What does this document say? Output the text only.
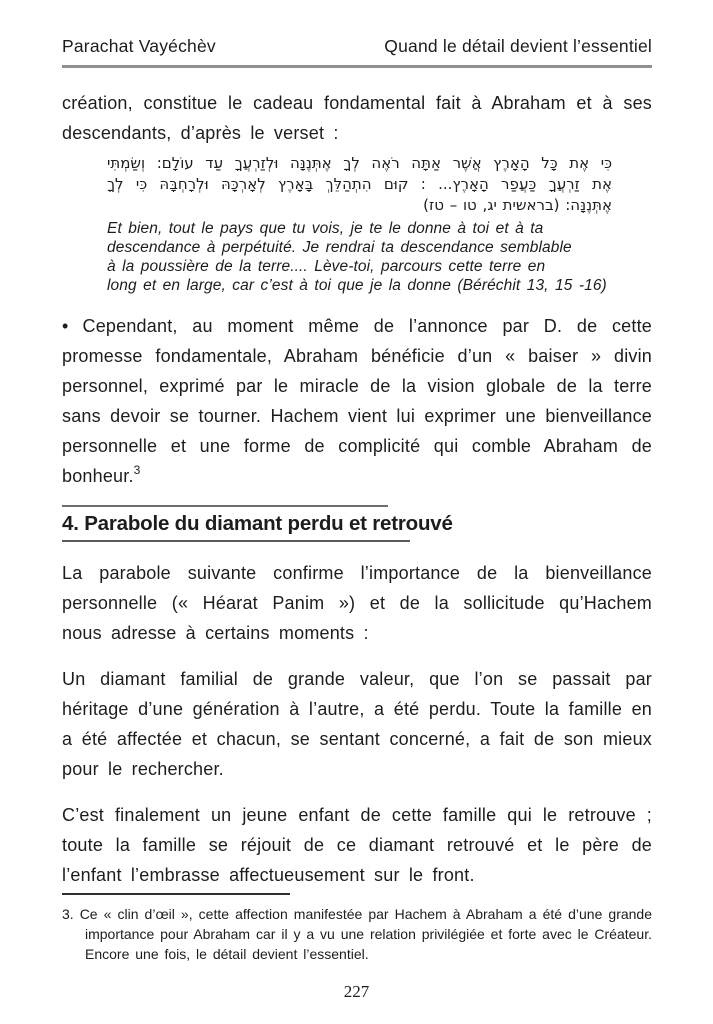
Parachat Vayéchèv	Quand le détail devient l’essentiel

création, constitue le cadeau fondamental fait à Abraham et à ses descendants, d’après le verset :

כִּי אֶת כָּל הָאָרֶץ אֲשֶׁר אַתָּה רֹאֶה לְךָ אֶתְּנֶנָּה וּלְזַרְעֲךָ עַד עוֹלָם: וְשַׂמְתִּי
אֶת זַרְעֲךָ כַּעֲפַר הָאָרֶץ... : קוּם הִתְהַלֵּךְ בָּאָרֶץ לְאָרְכָּהּ וּלְרָחְבָּהּ כִּי לְךָ
אֶתְּנֶנָּה: (בראשית יג, טו – טז)
Et bien, tout le pays que tu vois, je te le donne à toi et à ta
descendance à perpétuité. Je rendrai ta descendance semblable
à la poussière de la terre.... Lève-toi, parcours cette terre en
long et en large, car c’est à toi que je la donne (Béréchit 13, 15 -16)

• Cependant, au moment même de l’annonce par D. de cette promesse fondamentale, Abraham bénéficie d’un « baiser » divin personnel, exprimé par le miracle de la vision globale de la terre sans devoir se tourner. Hachem vient lui exprimer une bienveillance personnelle et une forme de complicité qui comble Abraham de bonheur.$^3$

4. Parabole du diamant perdu et retrouvé

La parabole suivante confirme l’importance de la bienveillance personnelle (« Héarat Panim ») et de la sollicitude qu’Hachem nous adresse à certains moments :

Un diamant familial de grande valeur, que l’on se passait par héritage d’une génération à l’autre, a été perdu. Toute la famille en a été affectée et chacun, se sentant concerné, a fait de son mieux pour le rechercher.

C’est finalement un jeune enfant de cette famille qui le retrouve ; toute la famille se réjouit de ce diamant retrouvé et le père de l’enfant l’embrasse affectueusement sur le front.

3. Ce « clin d’œil », cette affection manifestée par Hachem à Abraham a été d’une grande importance pour Abraham car il y a vu une relation privilégiée et forte avec le Créateur. Encore une fois, le détail devient l’essentiel.

227
